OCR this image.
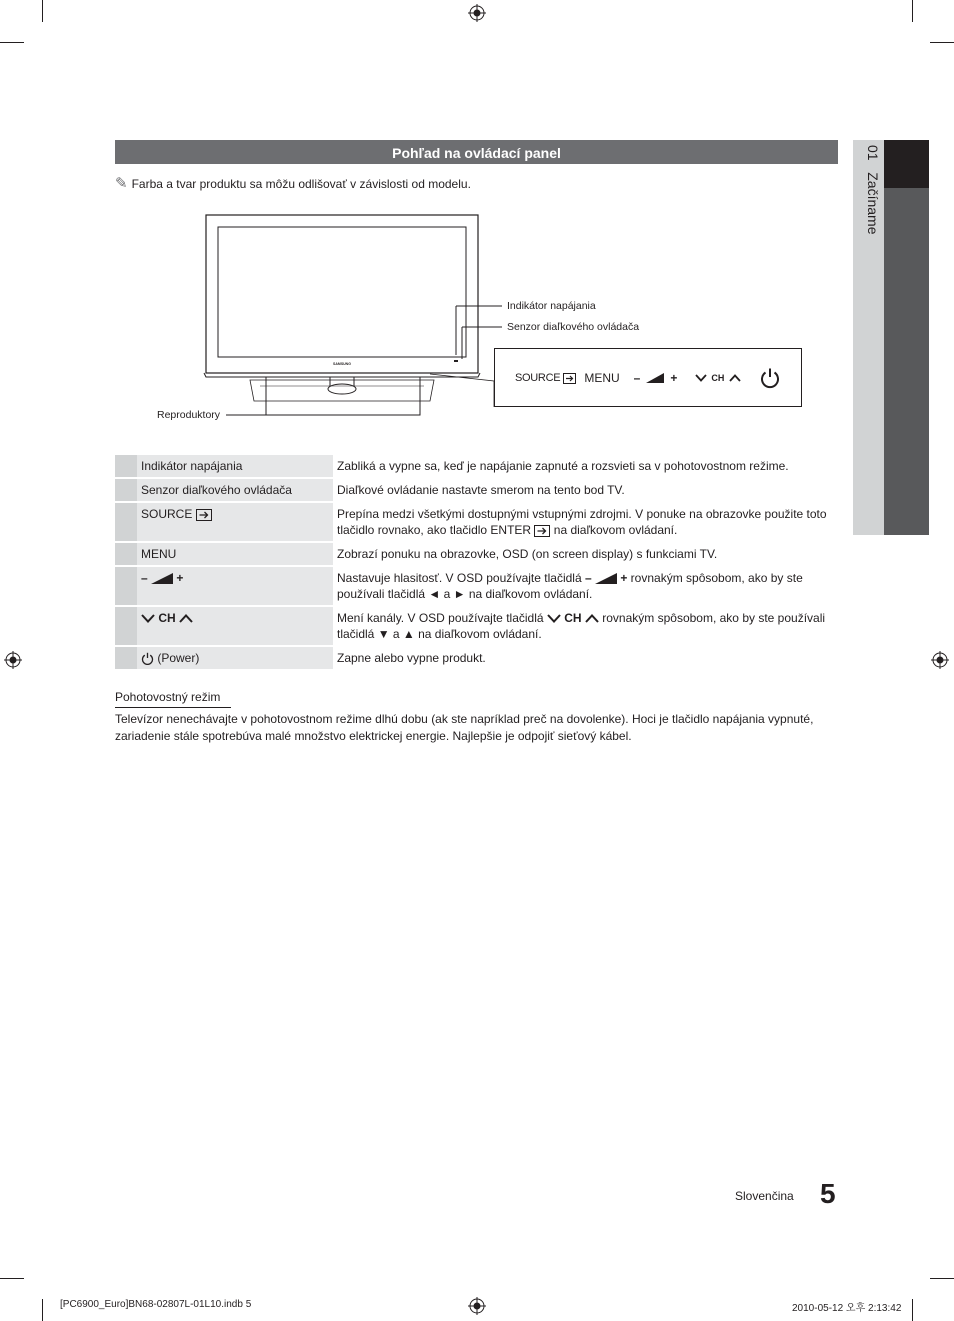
01   Začíname
Pohľad na ovládací panel
✎ Farba a tvar produktu sa môžu odlišovať v závislosti od modelu.
SAMSUNG
Indikátor napájania
Senzor diaľkového ovládača
Reproduktory
SOURCE	MENU –	+	CH
	Indikátor napájania	Zabliká a vypne sa, keď je napájanie zapnuté a rozsvieti sa v pohotovostnom režime.
	Senzor diaľkového ovládača	Diaľkové ovládanie nastavte smerom na tento bod TV.
	SOURCE	Prepína medzi všetkými dostupnými vstupnými zdrojmi. V ponuke na obrazovke použite toto tlačidlo rovnako, ako tlačidlo ENTER  na diaľkovom ovládaní.
	MENU	Zobrazí ponuku na obrazovke, OSD (on screen display) s funkciami TV.
	– +	Nastavuje hlasitosť. V OSD používajte tlačidlá – + rovnakým spôsobom, ako by ste používali tlačidlá ◄ a ► na diaľkovom ovládaní.
	CH	Mení kanály. V OSD používajte tlačidlá  CH  rovnakým spôsobom, ako by ste používali tlačidlá ▼ a ▲ na diaľkovom ovládaní.
	(Power)	Zapne alebo vypne produkt.
Pohotovostný režim
Televízor nenechávajte v pohotovostnom režime dlhú dobu (ak ste napríklad preč na dovolenke). Hoci je tlačidlo napájania vypnuté, zariadenie stále spotrebúva malé množstvo elektrickej energie. Najlepšie je odpojiť sieťový kábel.
Slovenčina 5
[PC6900_Euro]BN68-02807L-01L10.indb 5	2010-05-12 오후 2:13:42
